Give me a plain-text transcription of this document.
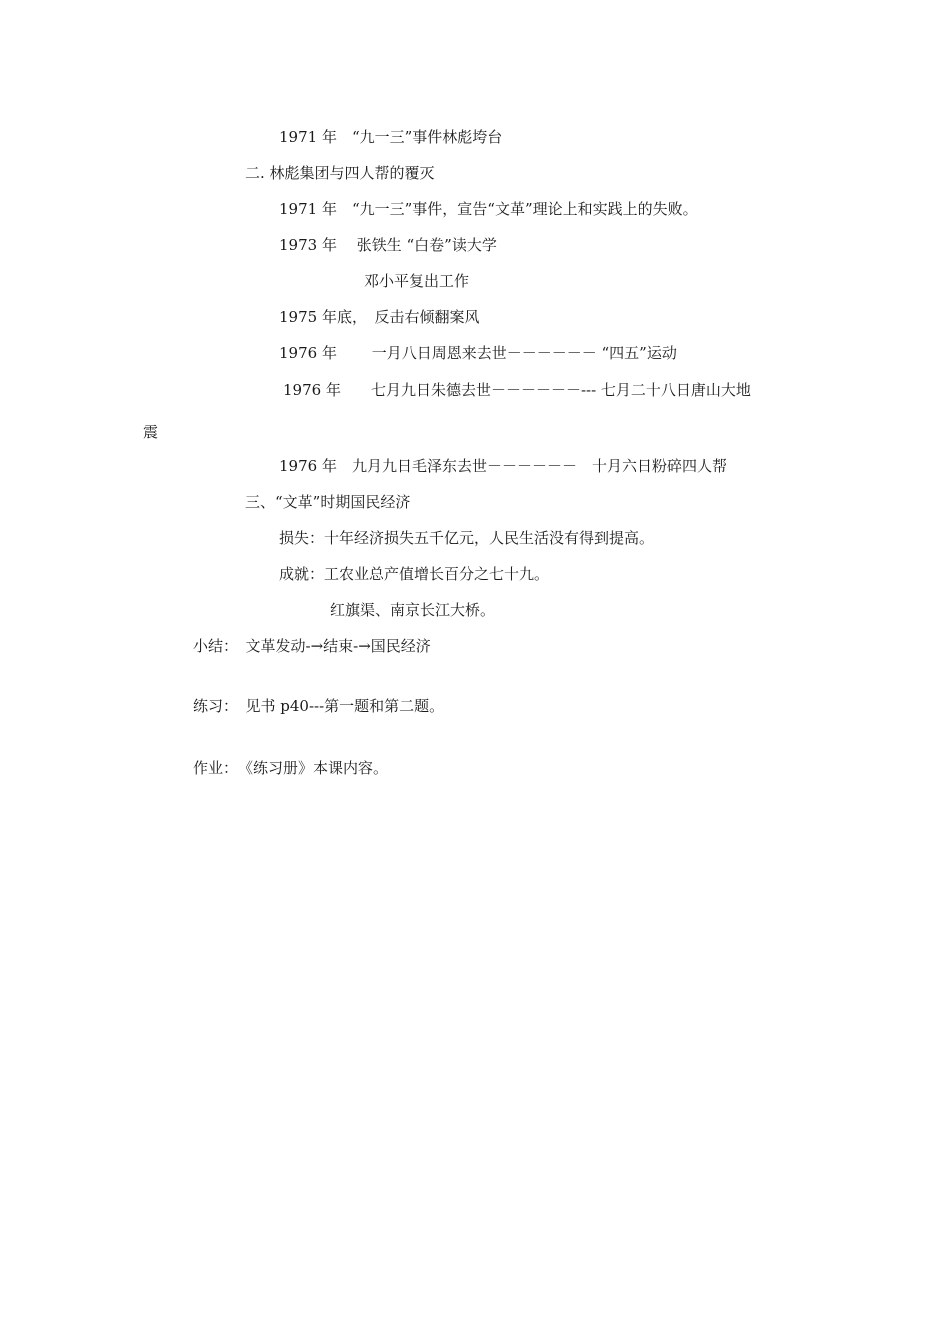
1971 年　“九一三”事件林彪垮台
二. 林彪集团与四人帮的覆灭
1971 年　“九一三”事件，宣告“文革”理论上和实践上的失败。
1973 年　 张铁生 “白卷”读大学
邓小平复出工作
1975 年底，　反击右倾翻案风
1976 年　　 一月八日周恩来去世－－－－－－ “四五”运动
1976 年　　七月九日朱德去世－－－－－－--- 七月二十八日唐山大地
震
1976 年　九月九日毛泽东去世－－－－－－　十月六日粉碎四人帮
三、“文革”时期国民经济
损失：十年经济损失五千亿元，人民生活没有得到提高。
成就：工农业总产值增长百分之七十九。
红旗渠、南京长江大桥。
小结：　文革发动-→结束-→国民经济
练习：　见书 p40---第一题和第二题。
作业：　《练习册》本课内容。
